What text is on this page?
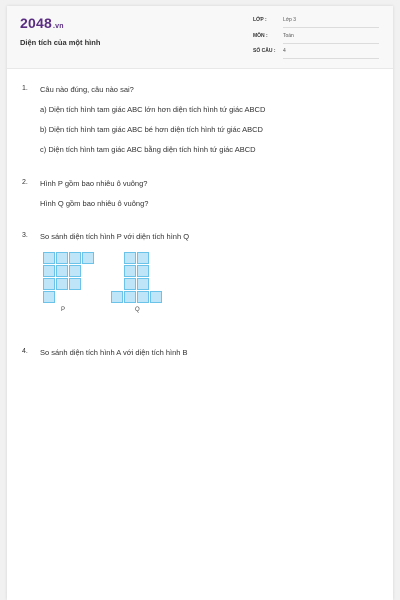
2048.vn
Diện tích của một hình
LỚP :	Lớp 3
MÔN :	Toán
SỐ CÂU : 4
1. Câu nào đúng, câu nào sai?
a) Diện tích hình tam giác ABC lớn hơn diện tích hình tứ giác ABCD
b) Diện tích hình tam giác ABC bé hơn diện tích hình tứ giác ABCD
c) Diện tích hình tam giác ABC bằng diện tích hình tứ giác ABCD
2. Hình P gồm bao nhiêu ô vuông?
Hình Q gồm bao nhiêu ô vuông?
3. So sánh diện tích hình P với diện tích hình Q
P	Q
4. So sánh diện tích hình A với diện tích hình B
